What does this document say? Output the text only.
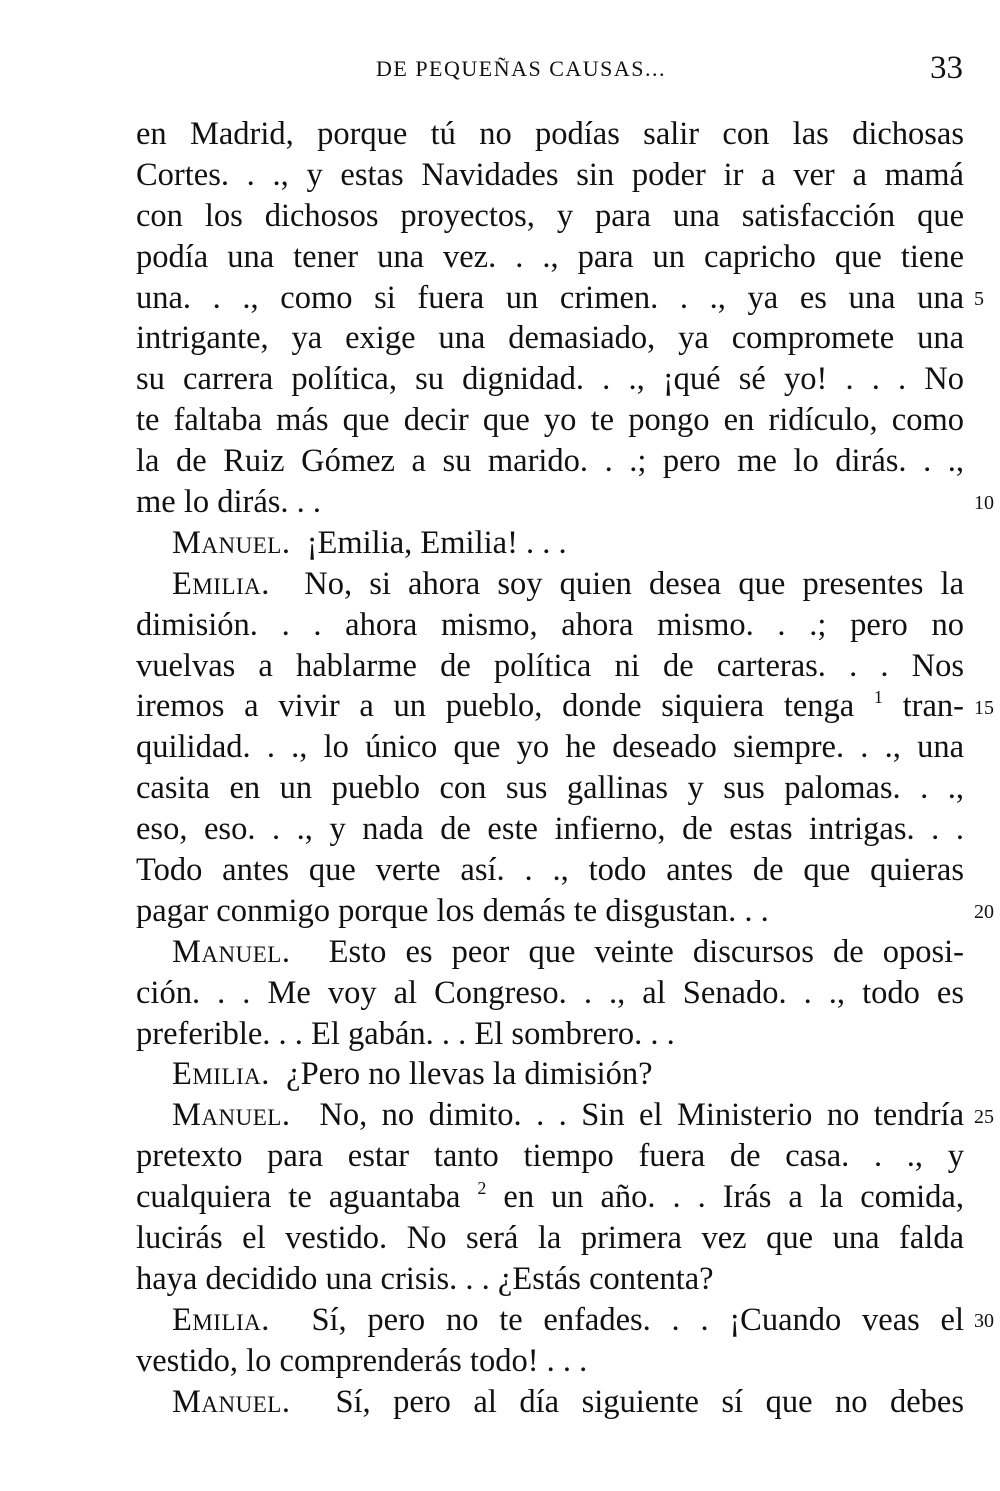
DE PEQUEÑAS CAUSAS...	33
en Madrid, porque tú no podías salir con las dichosas
Cortes. . ., y estas Navidades sin poder ir a ver a mamá
con los dichosos proyectos, y para una satisfacción que
podía una tener una vez. . ., para un capricho que tiene
una. . ., como si fuera un crimen. . ., ya es una una
intrigante, ya exige una demasiado, ya compromete una
su carrera política, su dignidad. . ., ¡qué sé yo! . . . No
te faltaba más que decir que yo te pongo en ridículo, como
la de Ruiz Gómez a su marido. . .; pero me lo dirás. . .,
me lo dirás. . .
Manuel. ¡Emilia, Emilia! . . .
Emilia. No, si ahora soy quien desea que presentes la
dimisión. . . ahora mismo, ahora mismo. . .; pero no
vuelvas a hablarme de política ni de carteras. . . Nos
iremos a vivir a un pueblo, donde siquiera tenga $^1$ tran-
quilidad. . ., lo único que yo he deseado siempre. . ., una
casita en un pueblo con sus gallinas y sus palomas. . .,
eso, eso. . ., y nada de este infierno, de estas intrigas. . .
Todo antes que verte así. . ., todo antes de que quieras
pagar conmigo porque los demás te disgustan. . .
Manuel. Esto es peor que veinte discursos de oposi-
ción. . . Me voy al Congreso. . ., al Senado. . ., todo es
preferible. . . El gabán. . . El sombrero. . .
Emilia. ¿Pero no llevas la dimisión?
Manuel. No, no dimito. . . Sin el Ministerio no tendría
pretexto para estar tanto tiempo fuera de casa. . ., y
cualquiera te aguantaba $^2$ en un año. . . Irás a la comida,
lucirás el vestido. No será la primera vez que una falda
haya decidido una crisis. . . ¿Estás contenta?
Emilia. Sí, pero no te enfades. . . ¡Cuando veas el
vestido, lo comprenderás todo! . . .
Manuel. Sí, pero al día siguiente sí que no debes
5
10
15
20
25
30
